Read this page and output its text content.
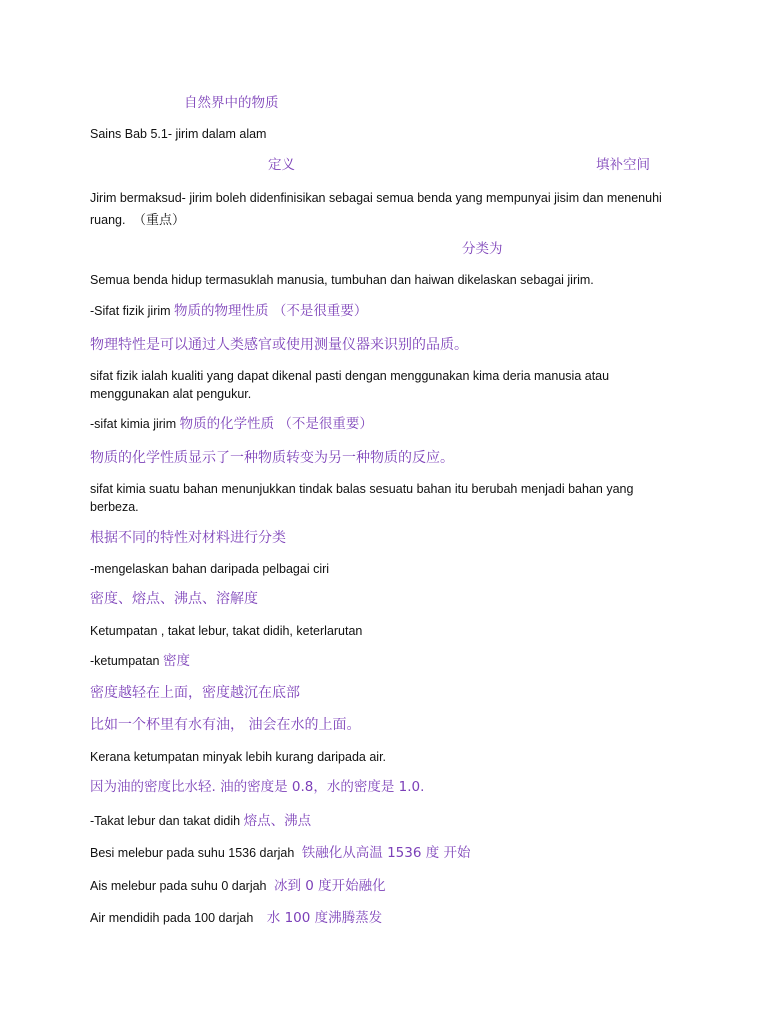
自然界中的物质
Sains Bab 5.1- jirim dalam alam
定义	填补空间
Jirim bermaksud- jirim boleh didenfinisikan sebagai semua benda yang mempunyai jisim dan menenuhi ruang. （重点）
分类为
Semua benda hidup termasuklah manusia, tumbuhan dan haiwan dikelaskan sebagai jirim.
-Sifat fizik jirim 物质的物理性质 （不是很重要）
物理特性是可以通过人类感官或使用测量仪器来识别的品质。
sifat fizik ialah kualiti yang dapat dikenal pasti dengan menggunakan kima deria manusia atau menggunakan alat pengukur.
-sifat kimia jirim 物质的化学性质 （不是很重要）
物质的化学性质显示了一种物质转变为另一种物质的反应。
sifat kimia suatu bahan menunjukkan tindak balas sesuatu bahan itu berubah menjadi bahan yang berbeza.
根据不同的特性对材料进行分类
-mengelaskan bahan daripada pelbagai ciri
密度、熔点、沸点、溶解度
Ketumpatan , takat lebur, takat didih, keterlarutan
-ketumpatan 密度
密度越轻在上面，密度越沉在底部
比如一个杯里有水有油， 油会在水的上面。
Kerana ketumpatan minyak lebih kurang daripada air.
因为油的密度比水轻. 油的密度是 0.8，水的密度是 1.0.
-Takat lebur dan takat didih 熔点、沸点
Besi melebur pada suhu 1536 darjah 铁融化从高温 1536 度 开始
Ais melebur pada suhu 0 darjah 冰到 0 度开始融化
Air mendidih pada 100 darjah 水 100 度沸腾蒸发
